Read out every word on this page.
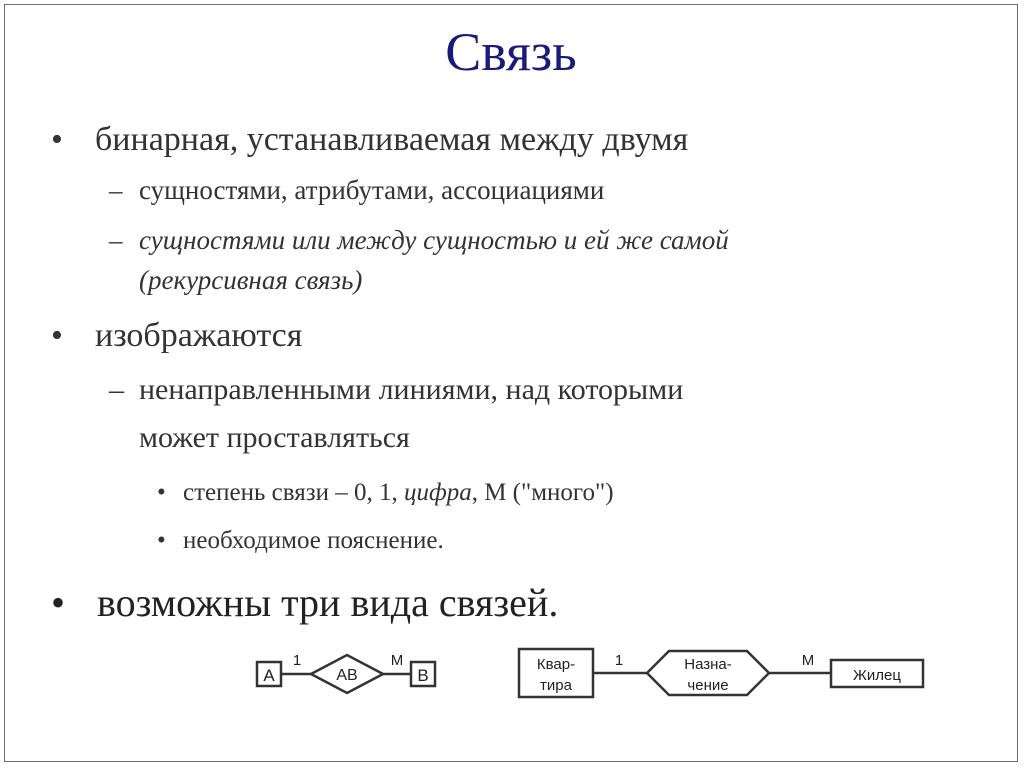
Связь
• бинарная, устанавливаемая между двумя
– сущностями, атрибутами, ассоциациями
– сущностями или между сущностью и ей же самой
(рекурсивная связь)
• изображаются
– ненаправленными линиями, над которыми
может проставляться
• степень связи – 0, 1, цифра, М ("много")
• необходимое пояснение.
• возможны три вида связей.
A
1
AB
M
B
Квар-
тира
1	Назна-
чение
M
Жилец
